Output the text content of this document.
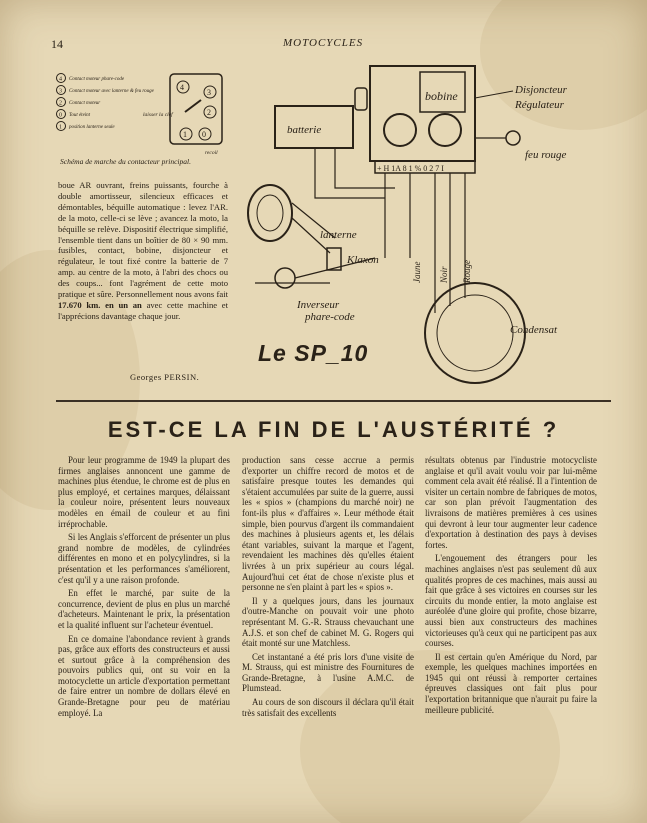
14	MOTOCYCLES
4 Contact moteur phare-code
3 Contact moteur avec lanterne & feu rouge
2 Contact moteur
0 Tout éteint
1 position lanterne seule
4
3
2
1 0
laisser la clef
recoil
Schéma de marche du contacteur principal.
boue AR ouvrant, freins puissants, fourche à double amortisseur, silencieux efficaces et démontables, béquille automatique : levez l'AR. de la moto, celle-ci se lève ; avancez la moto, la béquille se relève. Dispositif électrique simplifié, l'ensemble tient dans un boîtier de 80 × 90 mm. fusibles, contact, bobine, disjoncteur et régulateur, le tout fixé contre la batterie de 7 amp. au centre de la moto, à l'abri des chocs ou des coups... font l'agrément de cette moto pratique et sûre. Personnellement nous avons fait 17.670 km. en un an avec cette machine et l'apprécions davantage chaque jour.
Georges PERSIN.
bobine
+ H 1A 8 1 % 0 2 7 I
batterie
feu rouge
Disjoncteur
Régulateur
lanterne
Klaxon
Inverseur
phare-code
Jaune Noir Rouge
Condensat
Le SP_10
EST-CE LA FIN DE L'AUSTÉRITÉ ?

Pour leur programme de 1949 la plupart des firmes anglaises annoncent une gamme de machines plus étendue, le chrome est de plus en plus employé, et certaines marques, délaissant la couleur noire, présentent leurs nouveaux modèles en émail de couleur et au fini irréprochable.

Si les Anglais s'efforcent de présenter un plus grand nombre de modèles, de cylindrées différentes en mono et en polycylindres, si la présentation et les performances s'améliorent, c'est qu'il y a une raison profonde.

En effet le marché, par suite de la concurrence, devient de plus en plus un marché d'acheteurs. Maintenant le prix, la présentation et la qualité influent sur l'acheteur éventuel.

En ce domaine l'abondance revient à grands pas, grâce aux efforts des constructeurs et aussi et surtout grâce à la compréhension des pouvoirs publics qui, ont su voir en la motocyclette un article d'exportation permettant de faire entrer un nombre de dollars élevé en Grande-Bretagne pour peu de matériau employé. La

production sans cesse accrue a permis d'exporter un chiffre record de motos et de satisfaire presque toutes les demandes qui s'étaient accumulées par suite de la guerre, aussi les « spios » (champions du marché noir) ne font-ils plus « d'affaires ». Leur méthode était simple, bien pourvus d'argent ils commandaient des machines à plusieurs agents et, les délais étant variables, suivant la marque et l'agent, revendaient les machines dès qu'elles étaient livrées à un prix supérieur au cours légal. Aujourd'hui cet état de chose n'existe plus et personne ne s'en plaint à part les « spios ».

Il y a quelques jours, dans les journaux d'outre-Manche on pouvait voir une photo représentant M. G.-R. Strauss chevauchant une A.J.S. et son chef de cabinet M. G. Rogers qui était monté sur une Matchless.

Cet instantané a été pris lors d'une visite de M. Strauss, qui est ministre des Fournitures de Grande-Bretagne, à l'usine A.M.C. de Plumstead.

Au cours de son discours il déclara qu'il était très satisfait des excellents

résultats obtenus par l'industrie motocycliste anglaise et qu'il avait voulu voir par lui-même comment cela avait été réalisé. Il a l'intention de visiter un certain nombre de fabriques de motos, car son plan prévoit l'augmentation des livraisons de matières premières à ces usines qui devront à leur tour augmenter leur cadence d'exportation à destination des pays à devises fortes.

L'engouement des étrangers pour les machines anglaises n'est pas seulement dû aux qualités propres de ces machines, mais aussi au fait que grâce à ses victoires en courses sur les circuits du monde entier, la moto anglaise est auréolée d'une gloire qui profite, chose bizarre, aussi bien aux constructeurs des machines victorieuses qu'à ceux qui ne participent pas aux courses.

Il est certain qu'en Amérique du Nord, par exemple, les quelques machines importées en 1945 qui ont réussi à remporter certaines épreuves classiques ont fait plus pour l'exportation britannique que n'aurait pu faire la meilleure publicité.
